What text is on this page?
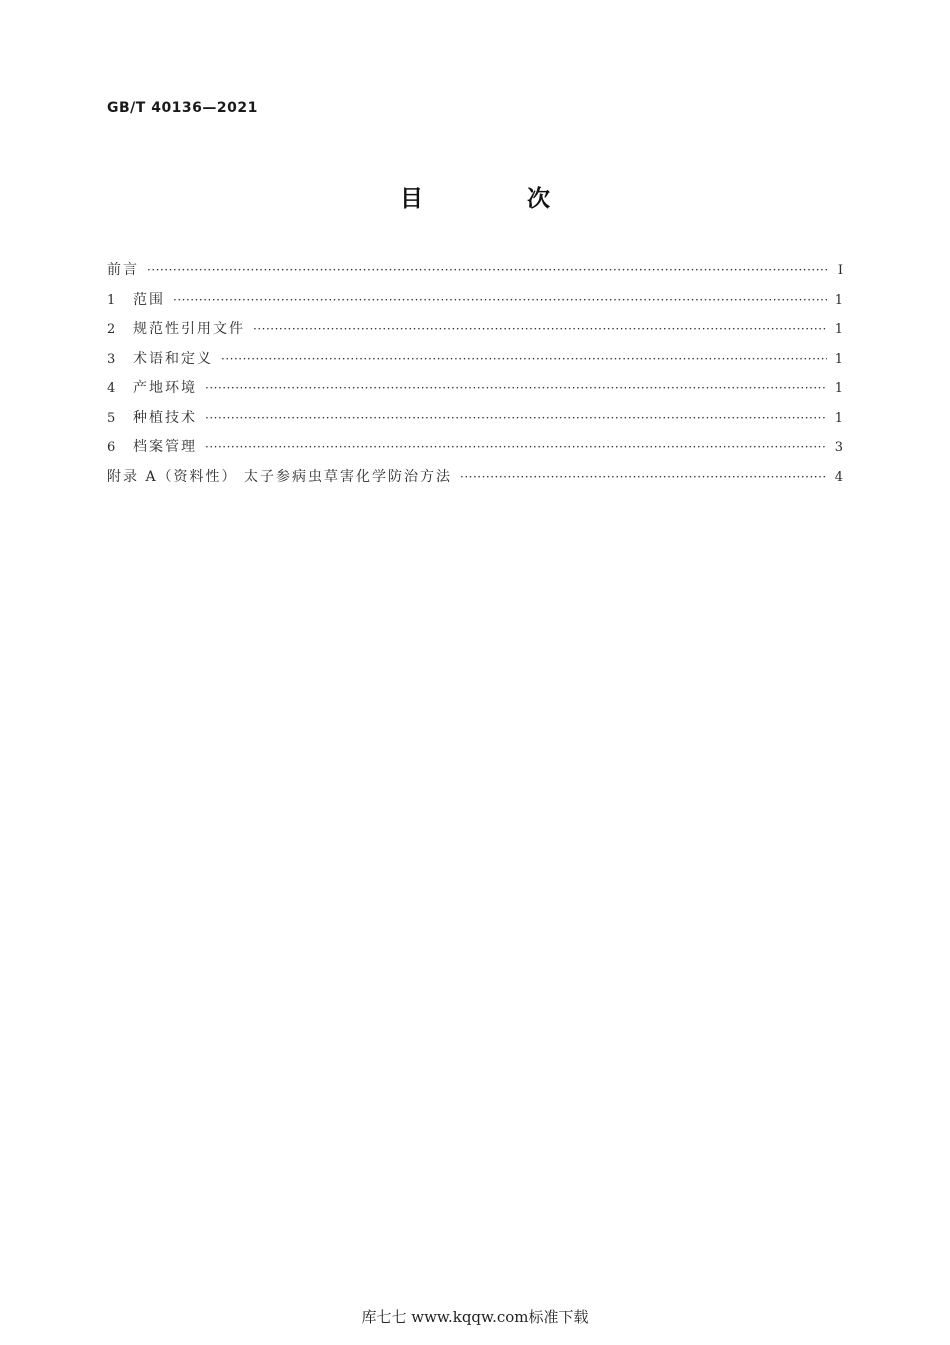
GB/T 40136—2021
目 次
前言 ·····	Ⅰ
1	范围 ·····	1
2	规范性引用文件 ·····	1
3	术语和定义 ·····	1
4	产地环境 ·····	1
5	种植技术 ·····	1
6	档案管理 ·····	3
附录 A（资料性） 太子参病虫草害化学防治方法 ·····	4
库七七 www.kqqw.com标准下载
